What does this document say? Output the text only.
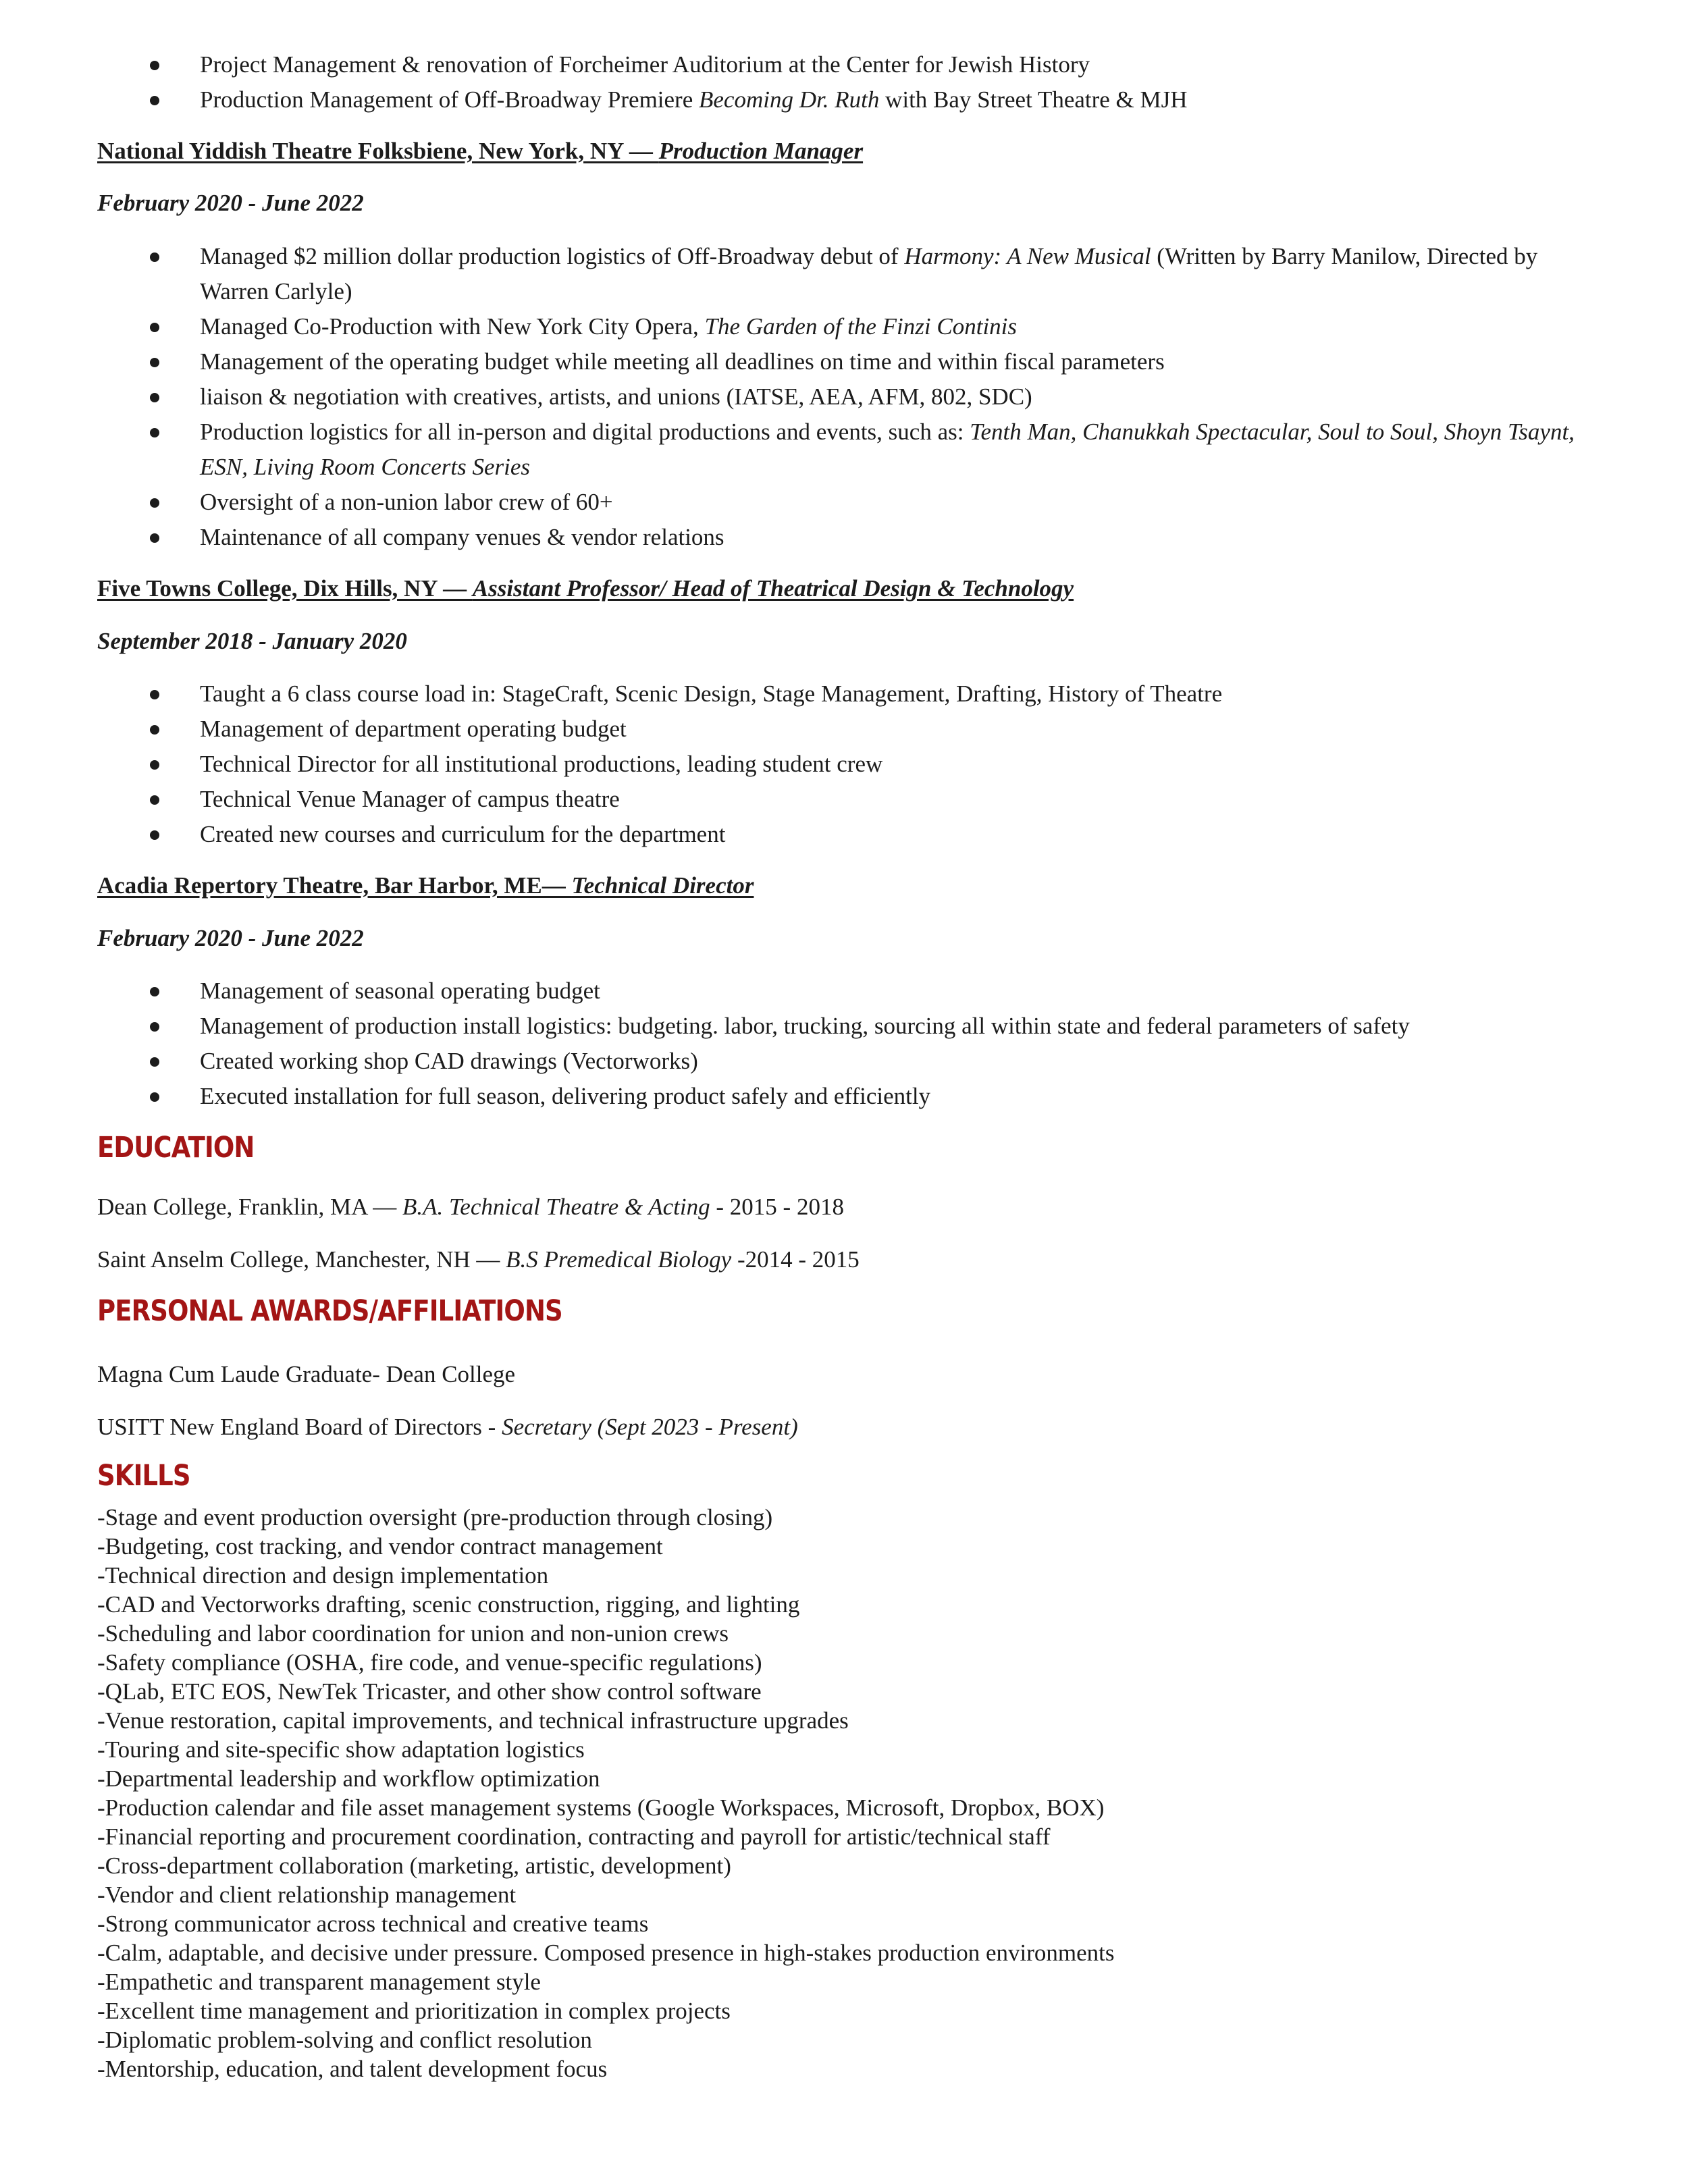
Project Management & renovation of Forcheimer Auditorium at the Center for Jewish History
Production Management of Off-Broadway Premiere Becoming Dr. Ruth with Bay Street Theatre & MJH
National Yiddish Theatre Folksbiene, New York, NY — Production Manager
February 2020 - June 2022
Managed $2 million dollar production logistics of Off-Broadway debut of Harmony: A New Musical (Written by Barry Manilow, Directed by Warren Carlyle)
Managed Co-Production with New York City Opera, The Garden of the Finzi Continis
Management of the operating budget while meeting all deadlines on time and within fiscal parameters
liaison & negotiation with creatives, artists, and unions (IATSE, AEA, AFM, 802, SDC)
Production logistics for all in-person and digital productions and events, such as: Tenth Man, Chanukkah Spectacular, Soul to Soul, Shoyn Tsaynt, ESN, Living Room Concerts Series
Oversight of a non-union labor crew of 60+
Maintenance of all company venues & vendor relations
Five Towns College, Dix Hills, NY — Assistant Professor/ Head of Theatrical Design & Technology
September 2018 - January 2020
Taught a 6 class course load in: StageCraft, Scenic Design, Stage Management, Drafting, History of Theatre
Management of department operating budget
Technical Director for all institutional productions, leading student crew
Technical Venue Manager of campus theatre
Created new courses and curriculum for the department
Acadia Repertory Theatre, Bar Harbor, ME— Technical Director
February 2020 - June 2022
Management of seasonal operating budget
Management of production install logistics: budgeting. labor, trucking, sourcing all within state and federal parameters of safety
Created working shop CAD drawings (Vectorworks)
Executed installation for full season, delivering product safely and efficiently
EDUCATION
Dean College, Franklin, MA — B.A. Technical Theatre & Acting - 2015 - 2018
Saint Anselm College, Manchester, NH — B.S Premedical Biology -2014 - 2015
PERSONAL AWARDS/AFFILIATIONS
Magna Cum Laude Graduate- Dean College
USITT New England Board of Directors - Secretary (Sept 2023 - Present)
SKILLS
-Stage and event production oversight (pre-production through closing)
-Budgeting, cost tracking, and vendor contract management
-Technical direction and design implementation
-CAD and Vectorworks drafting, scenic construction, rigging, and lighting
-Scheduling and labor coordination for union and non-union crews
-Safety compliance (OSHA, fire code, and venue-specific regulations)
-QLab, ETC EOS, NewTek Tricaster, and other show control software
-Venue restoration, capital improvements, and technical infrastructure upgrades
-Touring and site-specific show adaptation logistics
-Departmental leadership and workflow optimization
-Production calendar and file asset management systems (Google Workspaces, Microsoft, Dropbox, BOX)
-Financial reporting and procurement coordination, contracting and payroll for artistic/technical staff
-Cross-department collaboration (marketing, artistic, development)
-Vendor and client relationship management
-Strong communicator across technical and creative teams
-Calm, adaptable, and decisive under pressure. Composed presence in high-stakes production environments
-Empathetic and transparent management style
-Excellent time management and prioritization in complex projects
-Diplomatic problem-solving and conflict resolution
-Mentorship, education, and talent development focus
